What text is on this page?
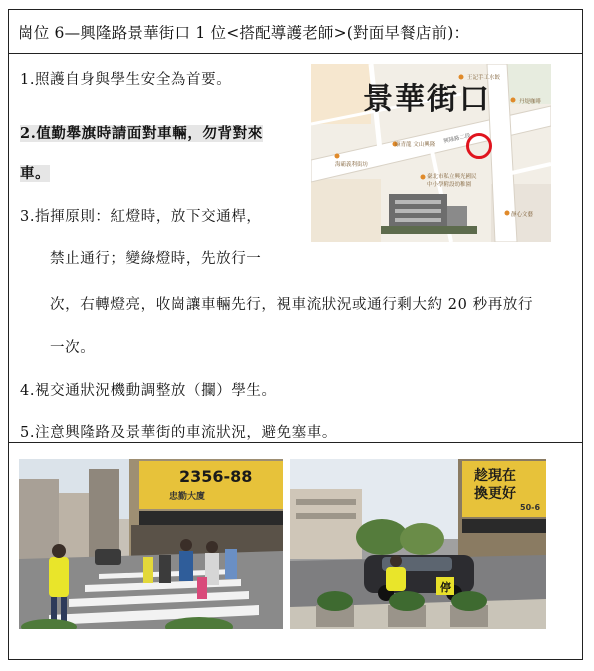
崗位 6—興隆路景華街口 1 位<搭配導護老師>(對面早餐店前)：
1.照護自身與學生安全為首要。
2.值勤舉旗時請面對車輛，勿背對來
車。
3.指揮原則：紅燈時，放下交通桿，
禁止通行；變綠燈時，先放行一
次，右轉燈亮，收崗讓車輛先行，視車流狀況或通行剩大約 20 秒再放行
一次。
4.視交通狀況機動調整放（攔）學生。
5.注意興隆路及景華街的車流狀況，避免塞車。
景華街口
王記手工水餃
丹堤咖啡
康青龍 文山興隆
海霸義利街坊
興隆路二段
臺北市私立興光國民
中小學附設幼稚園
靜心文藝
2356-88
忠勤大廈
趁現在
換更好
50-6
停
